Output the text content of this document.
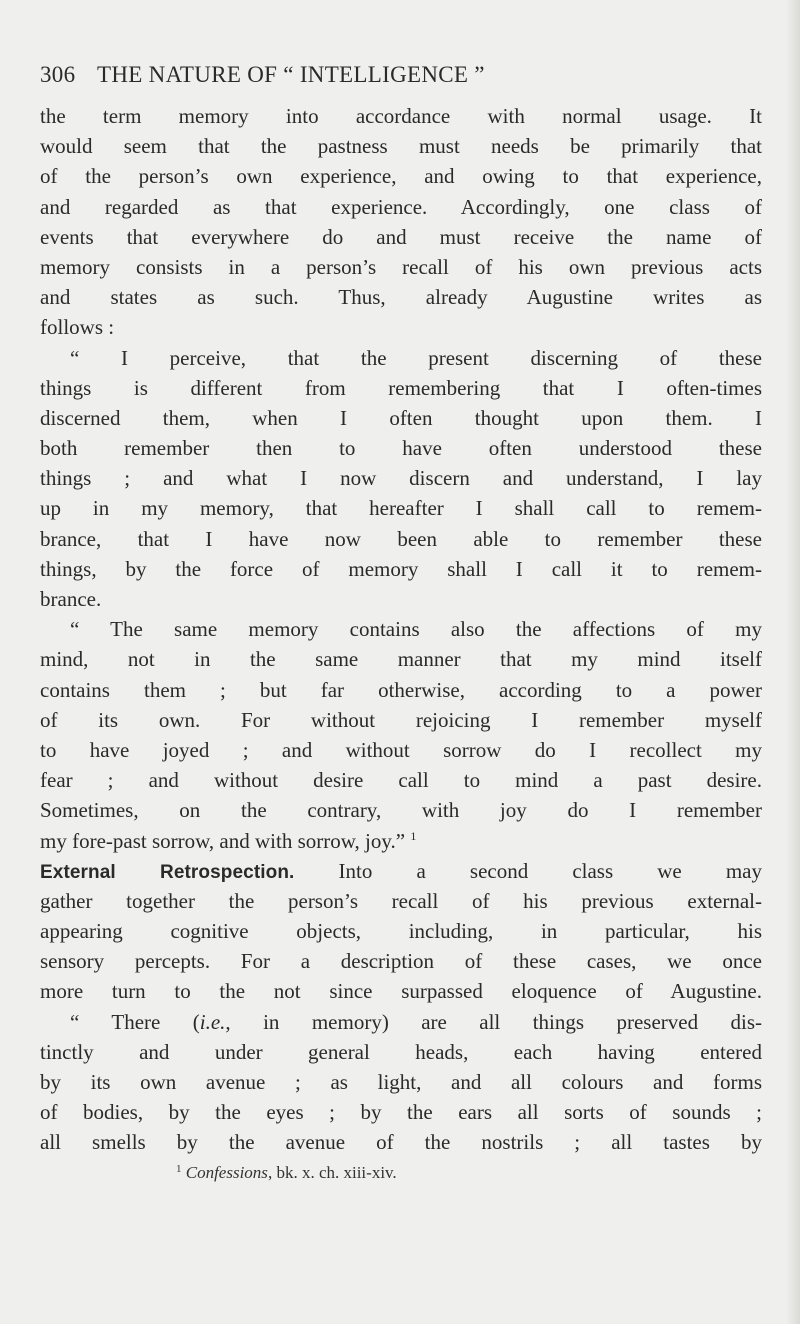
306 THE NATURE OF “ INTELLIGENCE ”
the term memory into accordance with normal usage. It
would seem that the pastness must needs be primarily that
of the person’s own experience, and owing to that experience,
and regarded as that experience. Accordingly, one class of
events that everywhere do and must receive the name of
memory consists in a person’s recall of his own previous acts
and states as such. Thus, already Augustine writes as
follows :
“ I perceive, that the present discerning of these
things is different from remembering that I often-times
discerned them, when I often thought upon them. I
both remember then to have often understood these
things ; and what I now discern and understand, I lay
up in my memory, that hereafter I shall call to remem-
brance, that I have now been able to remember these
things, by the force of memory shall I call it to remem-
brance.
“ The same memory contains also the affections of my
mind, not in the same manner that my mind itself
contains them ; but far otherwise, according to a power
of its own. For without rejoicing I remember myself
to have joyed ; and without sorrow do I recollect my
fear ; and without desire call to mind a past desire.
Sometimes, on the contrary, with joy do I remember
my fore-past sorrow, and with sorrow, joy.” $^1$
External Retrospection. Into a second class we may
gather together the person’s recall of his previous external-
appearing cognitive objects, including, in particular, his
sensory percepts. For a description of these cases, we once
more turn to the not since surpassed eloquence of Augustine.
“ There (i.e., in memory) are all things preserved dis-
tinctly and under general heads, each having entered
by its own avenue ; as light, and all colours and forms
of bodies, by the eyes ; by the ears all sorts of sounds ;
all smells by the avenue of the nostrils ; all tastes by
$^1$ Confessions, bk. x. ch. xiii-xiv.
